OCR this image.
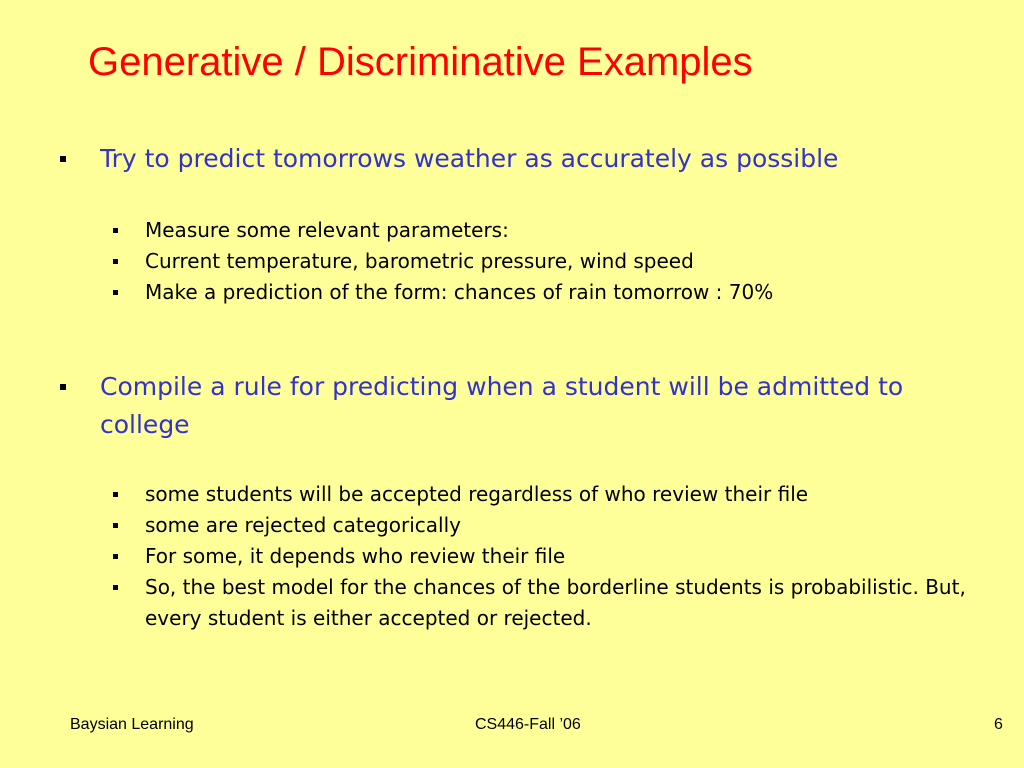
Generative / Discriminative Examples
Try to predict tomorrows weather as accurately as possible
Measure some relevant parameters:
Current temperature, barometric pressure, wind speed
Make a prediction of the form: chances of rain tomorrow : 70%
Compile a rule for predicting when a student will be admitted to college
some students will be accepted regardless of who review their file
some are rejected categorically
For some, it depends who review their file
So, the best model for the chances of the borderline students is probabilistic. But, every student is either accepted or rejected.
Baysian Learning	CS446-Fall ’06	6
